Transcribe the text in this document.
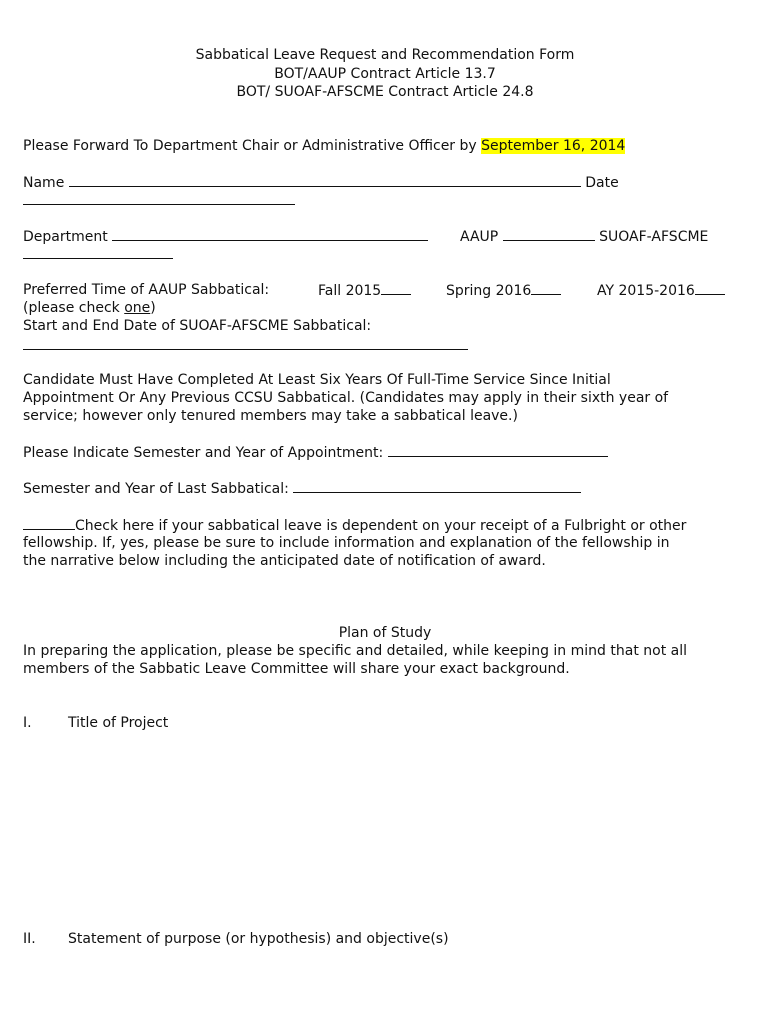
Sabbatical Leave Request and Recommendation Form
BOT/AAUP Contract Article 13.7
BOT/ SUOAF-AFSCME Contract Article 24.8
Please Forward To Department Chair or Administrative Officer by September 16, 2014
Name	Date
Department	AAUP	SUOAF-AFSCME
Preferred Time of AAUP Sabbatical:	Fall 2015	Spring 2016	AY 2015-2016
(please check one)
Start and End Date of SUOAF-AFSCME Sabbatical:
Candidate Must Have Completed At Least Six Years Of Full-Time Service Since Initial
Appointment Or Any Previous CCSU Sabbatical. (Candidates may apply in their sixth year of
service; however only tenured members may take a sabbatical leave.)
Please Indicate Semester and Year of Appointment:
Semester and Year of Last Sabbatical:
Check here if your sabbatical leave is dependent on your receipt of a Fulbright or other
fellowship. If, yes, please be sure to include information and explanation of the fellowship in
the narrative below including the anticipated date of notification of award.
Plan of Study
In preparing the application, please be specific and detailed, while keeping in mind that not all
members of the Sabbatic Leave Committee will share your exact background.
I.	Title of Project
II. Statement of purpose (or hypothesis) and objective(s)
